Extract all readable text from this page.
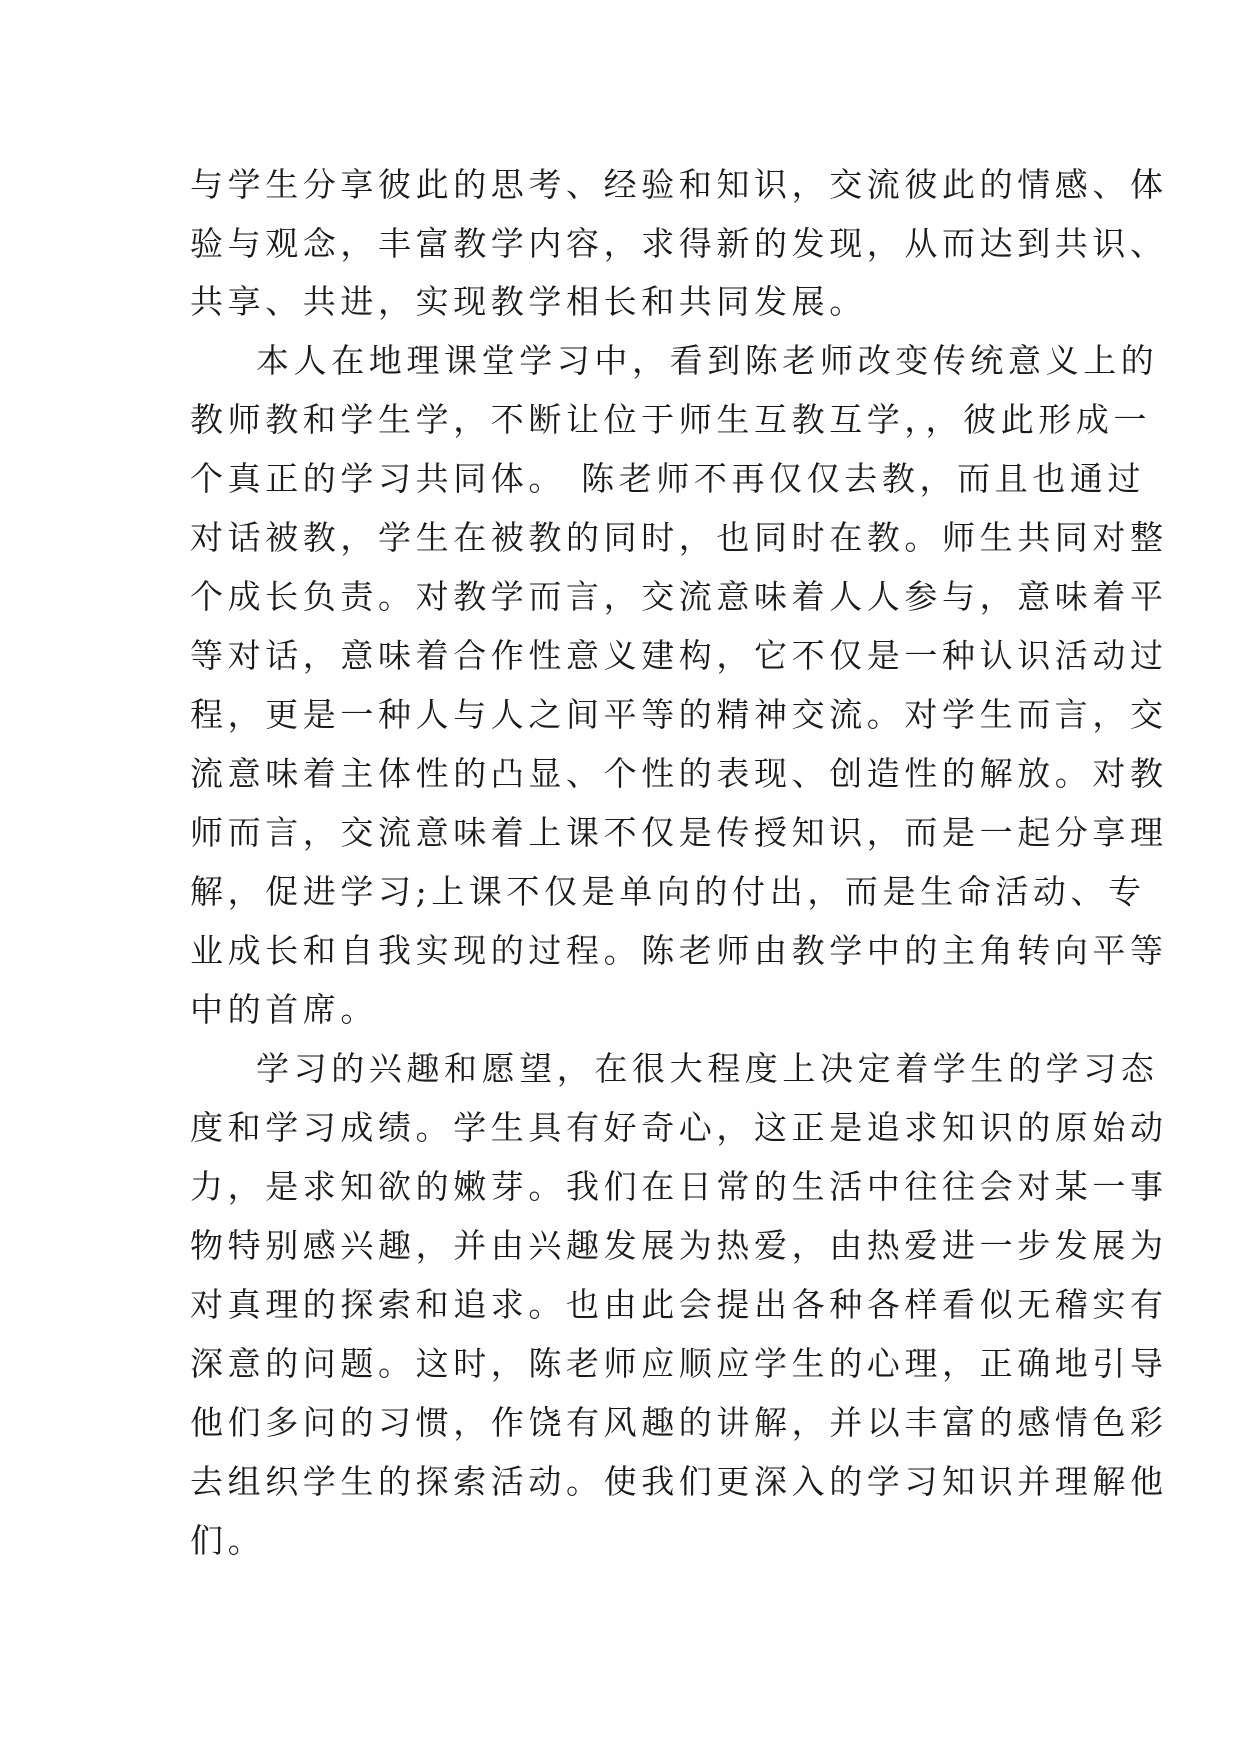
与学生分享彼此的思考、经验和知识，交流彼此的情感、体
验与观念，丰富教学内容，求得新的发现，从而达到共识、
共享、共进，实现教学相长和共同发展。
本人在地理课堂学习中，看到陈老师改变传统意义上的
教师教和学生学，不断让位于师生互教互学，，彼此形成一
个真正的学习共同体。 陈老师不再仅仅去教，而且也通过
对话被教，学生在被教的同时，也同时在教。师生共同对整
个成长负责。对教学而言，交流意味着人人参与，意味着平
等对话，意味着合作性意义建构，它不仅是一种认识活动过
程，更是一种人与人之间平等的精神交流。对学生而言，交
流意味着主体性的凸显、个性的表现、创造性的解放。对教
师而言，交流意味着上课不仅是传授知识，而是一起分享理
解，促进学习;上课不仅是单向的付出，而是生命活动、专
业成长和自我实现的过程。陈老师由教学中的主角转向平等
中的首席。
学习的兴趣和愿望，在很大程度上决定着学生的学习态
度和学习成绩。学生具有好奇心，这正是追求知识的原始动
力，是求知欲的嫩芽。我们在日常的生活中往往会对某一事
物特别感兴趣，并由兴趣发展为热爱，由热爱进一步发展为
对真理的探索和追求。也由此会提出各种各样看似无稽实有
深意的问题。这时，陈老师应顺应学生的心理，正确地引导
他们多问的习惯，作饶有风趣的讲解，并以丰富的感情色彩
去组织学生的探索活动。使我们更深入的学习知识并理解他
们。
